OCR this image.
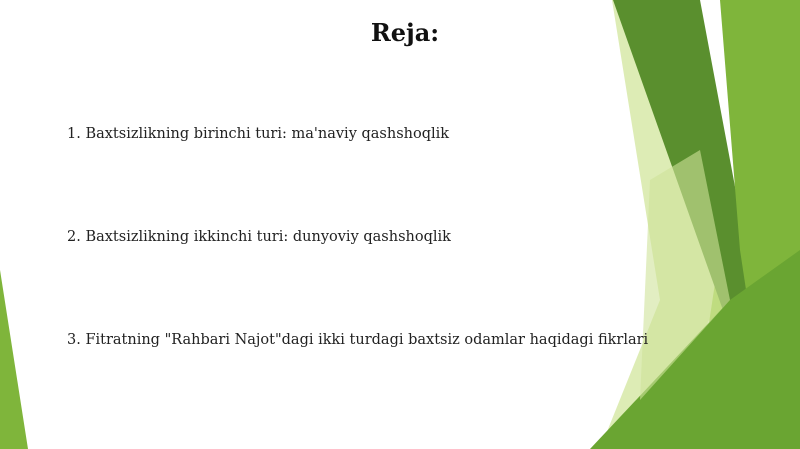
Reja:
1. Baxtsizlikning birinchi turi: ma'naviy qashshoqlik
2. Baxtsizlikning ikkinchi turi: dunyoviy qashshoqlik
3. Fitratning "Rahbari Najot"dagi ikki turdagi baxtsiz odamlar haqidagi fikrlari
